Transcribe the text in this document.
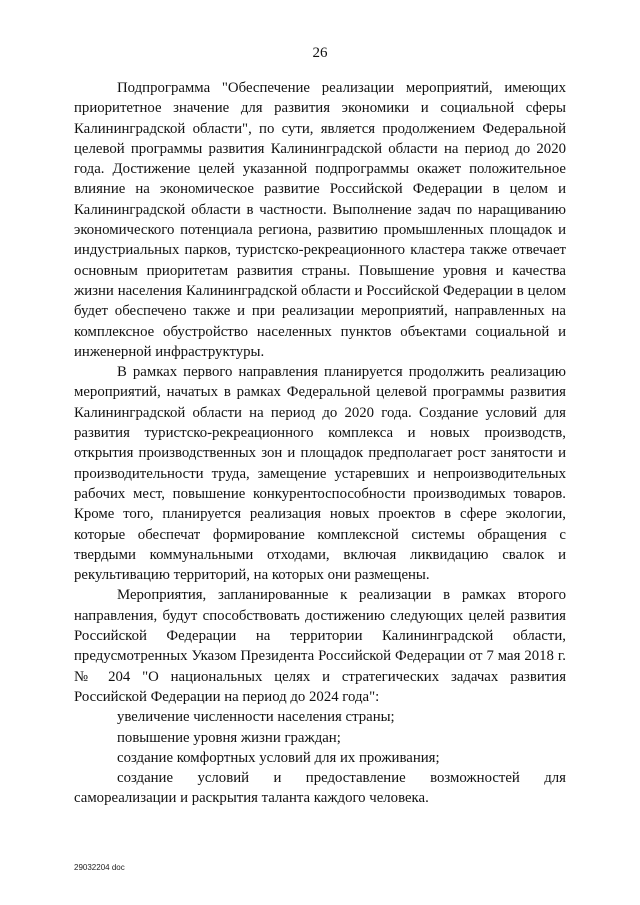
26

Подпрограмма "Обеспечение реализации мероприятий, имеющих приоритетное значение для развития экономики и социальной сферы Калининградской области", по сути, является продолжением Федеральной целевой программы развития Калининградской области на период до 2020 года. Достижение целей указанной подпрограммы окажет положительное влияние на экономическое развитие Российской Федерации в целом и Калининградской области в частности. Выполнение задач по наращиванию экономического потенциала региона, развитию промышленных площадок и индустриальных парков, туристско-рекреационного кластера также отвечает основным приоритетам развития страны. Повышение уровня и качества жизни населения Калининградской области и Российской Федерации в целом будет обеспечено также и при реализации мероприятий, направленных на комплексное обустройство населенных пунктов объектами социальной и инженерной инфраструктуры.

В рамках первого направления планируется продолжить реализацию мероприятий, начатых в рамках Федеральной целевой программы развития Калининградской области на период до 2020 года. Создание условий для развития туристско-рекреационного комплекса и новых производств, открытия производственных зон и площадок предполагает рост занятости и производительности труда, замещение устаревших и непроизводительных рабочих мест, повышение конкурентоспособности производимых товаров. Кроме того, планируется реализация новых проектов в сфере экологии, которые обеспечат формирование комплексной системы обращения с твердыми коммунальными отходами, включая ликвидацию свалок и рекультивацию территорий, на которых они размещены.

Мероприятия, запланированные к реализации в рамках второго направления, будут способствовать достижению следующих целей развития Российской Федерации на территории Калининградской области, предусмотренных Указом Президента Российской Федерации от 7 мая 2018 г. № 204 "О национальных целях и стратегических задачах развития Российской Федерации на период до 2024 года":

увеличение численности населения страны;

повышение уровня жизни граждан;

создание комфортных условий для их проживания;

создание условий и предоставление возможностей для самореализации и раскрытия таланта каждого человека.

29032204 doc
